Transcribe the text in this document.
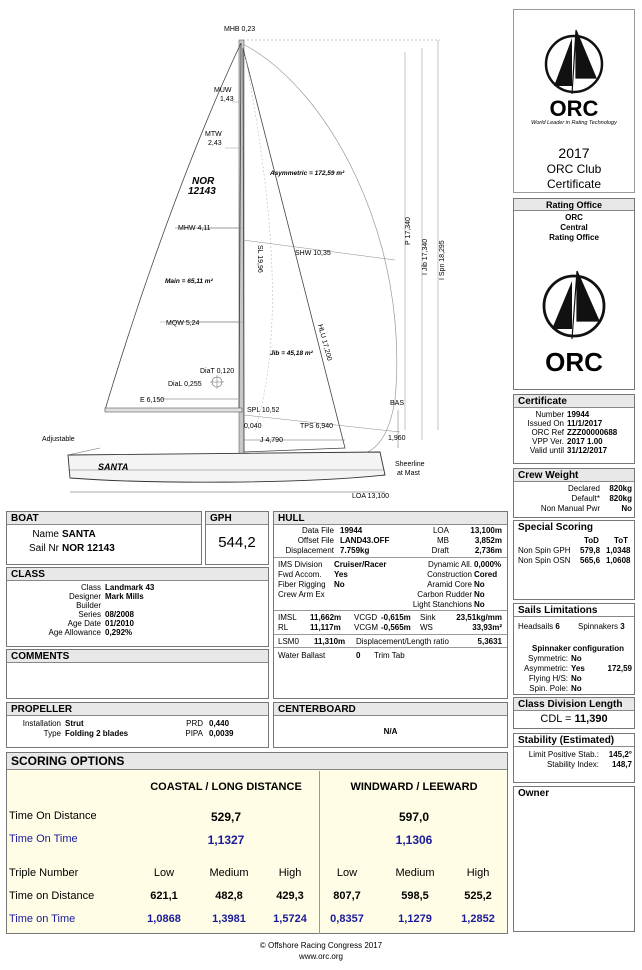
MHB 0,23
MUW
1,43
MTW
2,43
NOR
12143
Asymmetric = 172,59 m²
MHW 4,11
SL 19,96	SHW 10,35
P 17,340
I Jib 17,340 I Spn 18,295
Main = 65,11 m²
MQW 5,24
HLU 17,200
Jib = 45,18 m²
DiaT 0,120
DiaL 0,255
E 6,150
SPL 10,52
TPS 6,940
BAS
1,960
J 4,790
0,040
Adjustable
SANTA	Sheerline
at Mast
LOA 13,100
ORC
World Leader in Rating Technology
2017
ORC Club
Certificate
Rating Office
ORC
Central
Rating Office
ORC
Certificate
Number 19944
Issued On 11/1/2017
ORC Ref ZZZ00000688
VPP Ver. 2017 1.00
Valid until 31/12/2017
Crew Weight
Declared	820kg
Default*	820kg
Non Manual Pwr	No
Special Scoring
ToD ToT
Non Spin GPH 579,8 1,0348
Non Spin OSN 565,6 1,0608
Sails Limitations
Headsails 6 Spinnakers 3
Spinnaker configuration
Symmetric: No
Asymmetric: Yes	172,59
Flying H/S: No
Spin. Pole: No
Class Division Length
CDL = 11,390
Stability (Estimated)
Limit Positive Stab.:	145,2°
Stability Index:	148,7
Owner
BOAT
Name SANTA
Sail Nr NOR 12143
GPH
544,2
CLASS
Class Landmark 43
Designer Mark Mills
Builder
Series 08/2008
Age Date 01/2010
Age Allowance 0,292%
COMMENTS
HULL
Data File 19944	LOA	13,100m
Offset File LAND43.OFF	MB	3,852m
Displacement 7.759kg	Draft	2,736m
IMS Division Cruiser/Racer	Dynamic All. 0,000%
Fwd Accom. Yes	Construction Cored
Fiber Rigging No	Aramid Core No
Crew Arm Ex	Carbon Rudder No
Light Stanchions No
IMSL 11,662m VCGD -0,615m Sink	23,51kg/mm
RL	11,117m VCGM -0,565m WS	33,93m²
LSM0 11,310m Displacement/Length ratio	5,3631
Water Ballast	0 Trim Tab
PROPELLER
Installation Strut
Type Folding 2 blades
PRD 0,440
PIPA 0,0039
CENTERBOARD
N/A
SCORING OPTIONS
COASTAL / LONG DISTANCE	WINDWARD / LEEWARD
Time On Distance	529,7	597,0
Time On Time	1,1327	1,1306
Triple Number	Low	Medium	High	Low	Medium	High
Time on Distance	621,1	482,8	429,3	807,7	598,5	525,2
Time on Time	1,0868	1,3981	1,5724	0,8357	1,1279	1,2852
© Offshore Racing Congress 2017
www.orc.org
